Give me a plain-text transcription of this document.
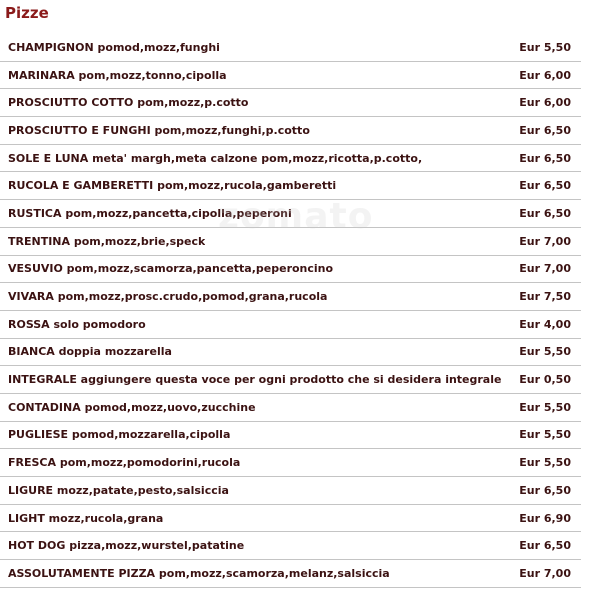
Pizze
CHAMPIGNON pomod,mozz,funghi	Eur 5,50
MARINARA pom,mozz,tonno,cipolla	Eur 6,00
PROSCIUTTO COTTO pom,mozz,p.cotto	Eur 6,00
PROSCIUTTO E FUNGHI pom,mozz,funghi,p.cotto	Eur 6,50
SOLE E LUNA meta' margh,meta calzone pom,mozz,ricotta,p.cotto,	Eur 6,50
RUCOLA E GAMBERETTI pom,mozz,rucola,gamberetti	Eur 6,50
RUSTICA pom,mozz,pancetta,cipolla,peperoni	Eur 6,50
TRENTINA pom,mozz,brie,speck	Eur 7,00
VESUVIO pom,mozz,scamorza,pancetta,peperoncino	Eur 7,00
VIVARA pom,mozz,prosc.crudo,pomod,grana,rucola	Eur 7,50
ROSSA solo pomodoro	Eur 4,00
BIANCA doppia mozzarella	Eur 5,50
INTEGRALE aggiungere questa voce per ogni prodotto che si desidera integrale Eur 0,50
CONTADINA pomod,mozz,uovo,zucchine	Eur 5,50
PUGLIESE pomod,mozzarella,cipolla	Eur 5,50
FRESCA pom,mozz,pomodorini,rucola	Eur 5,50
LIGURE mozz,patate,pesto,salsiccia	Eur 6,50
LIGHT mozz,rucola,grana	Eur 6,90
HOT DOG pizza,mozz,wurstel,patatine	Eur 6,50
ASSOLUTAMENTE PIZZA pom,mozz,scamorza,melanz,salsiccia	Eur 7,00
zomato
